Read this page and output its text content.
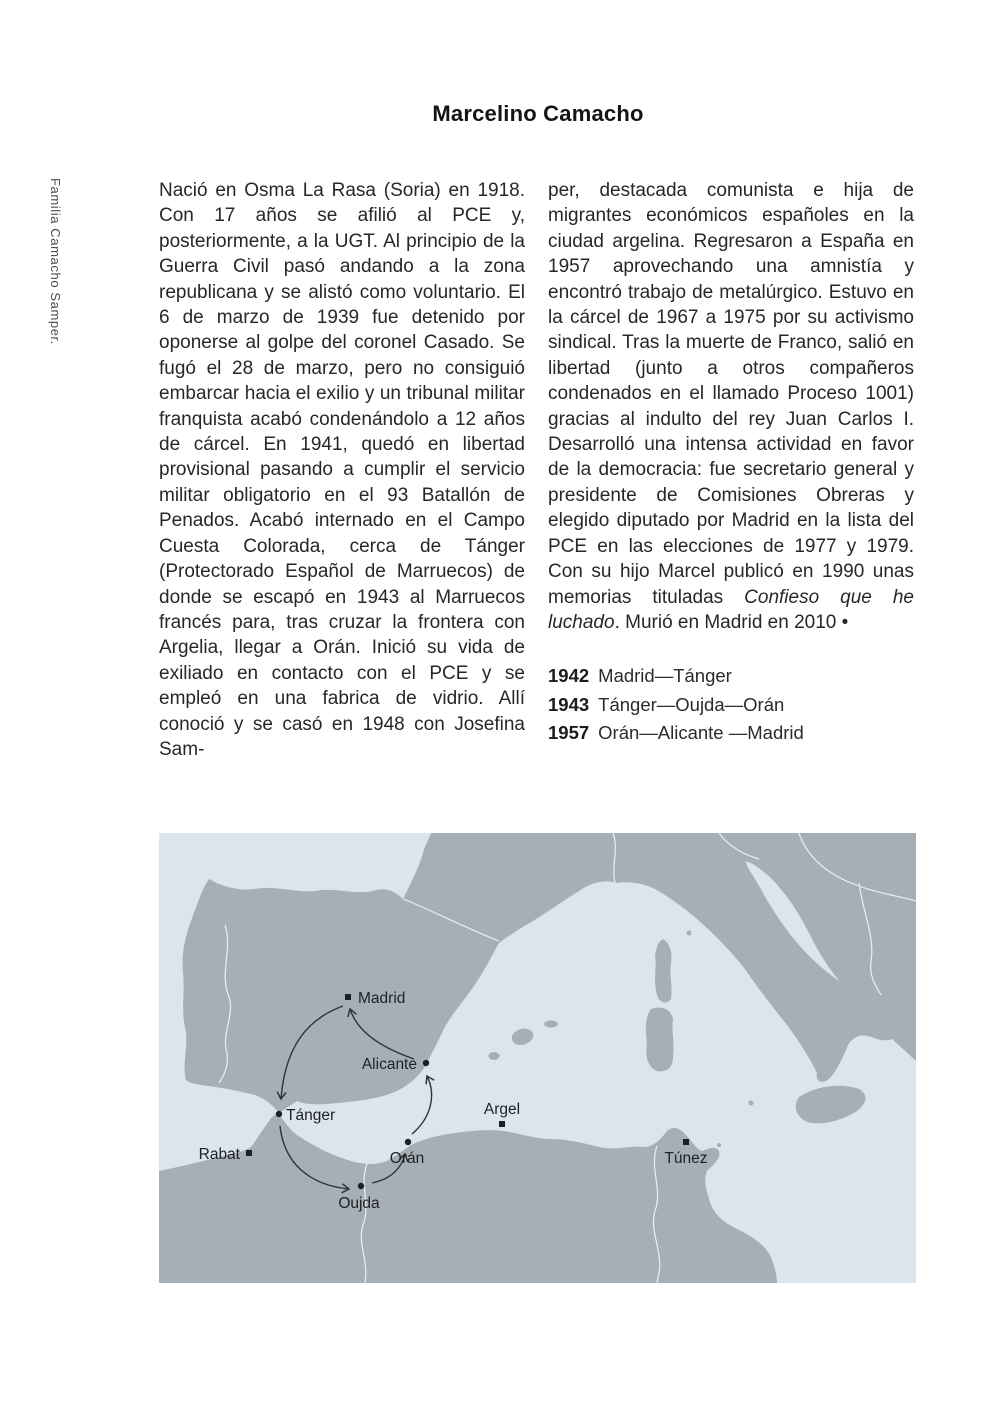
Marcelino Camacho
Familia Camacho Samper.	Nació en Osma La Rasa (Soria) en 1918. Con 17 años se afilió al PCE y, posteriormente, a la UGT. Al principio de la Guerra Civil pasó andando a la zona republicana y se alistó como voluntario. El 6 de marzo de 1939 fue detenido por oponerse al golpe del coronel Casado. Se fugó el 28 de marzo, pero no consiguió embarcar hacia el exilio y un tribunal militar franquista acabó condenándolo a 12 años de cárcel. En 1941, quedó en libertad provisional pasando a cumplir el servicio militar obligatorio en el 93 Batallón de Penados. Acabó internado en el Campo Cuesta Colorada, cerca de Tánger (Protectorado Español de Marruecos) de donde se escapó en 1943 al Marruecos francés para, tras cruzar la frontera con Argelia, llegar a Orán. Inició su vida de exiliado en contacto con el PCE y se empleó en una fabrica de vidrio. Allí conoció y se casó en 1948 con Josefina Sam-

per, destacada comunista e hija de migrantes económicos españoles en la ciudad argelina. Regresaron a España en 1957 aprovechando una amnistía y encontró trabajo de metalúrgico. Estuvo en la cárcel de 1967 a 1975 por su activismo sindical. Tras la muerte de Franco, salió en libertad (junto a otros compañeros condenados en el llamado Proceso 1001) gracias al indulto del rey Juan Carlos I. Desarrolló una intensa actividad en favor de la democracia: fue secretario general y presidente de Comisiones Obreras y elegido diputado por Madrid en la lista del PCE en las elecciones de 1977 y 1979. Con su hijo Marcel publicó en 1990 unas memorias tituladas Confieso que he luchado. Murió en Madrid en 2010 •

1942 Madrid—Tánger
1943 Tánger—Oujda—Orán
1957 Orán—Alicante —Madrid
Madrid
Alicante
Tánger
Rabat
Oujda
Orán
Argel
Túnez
